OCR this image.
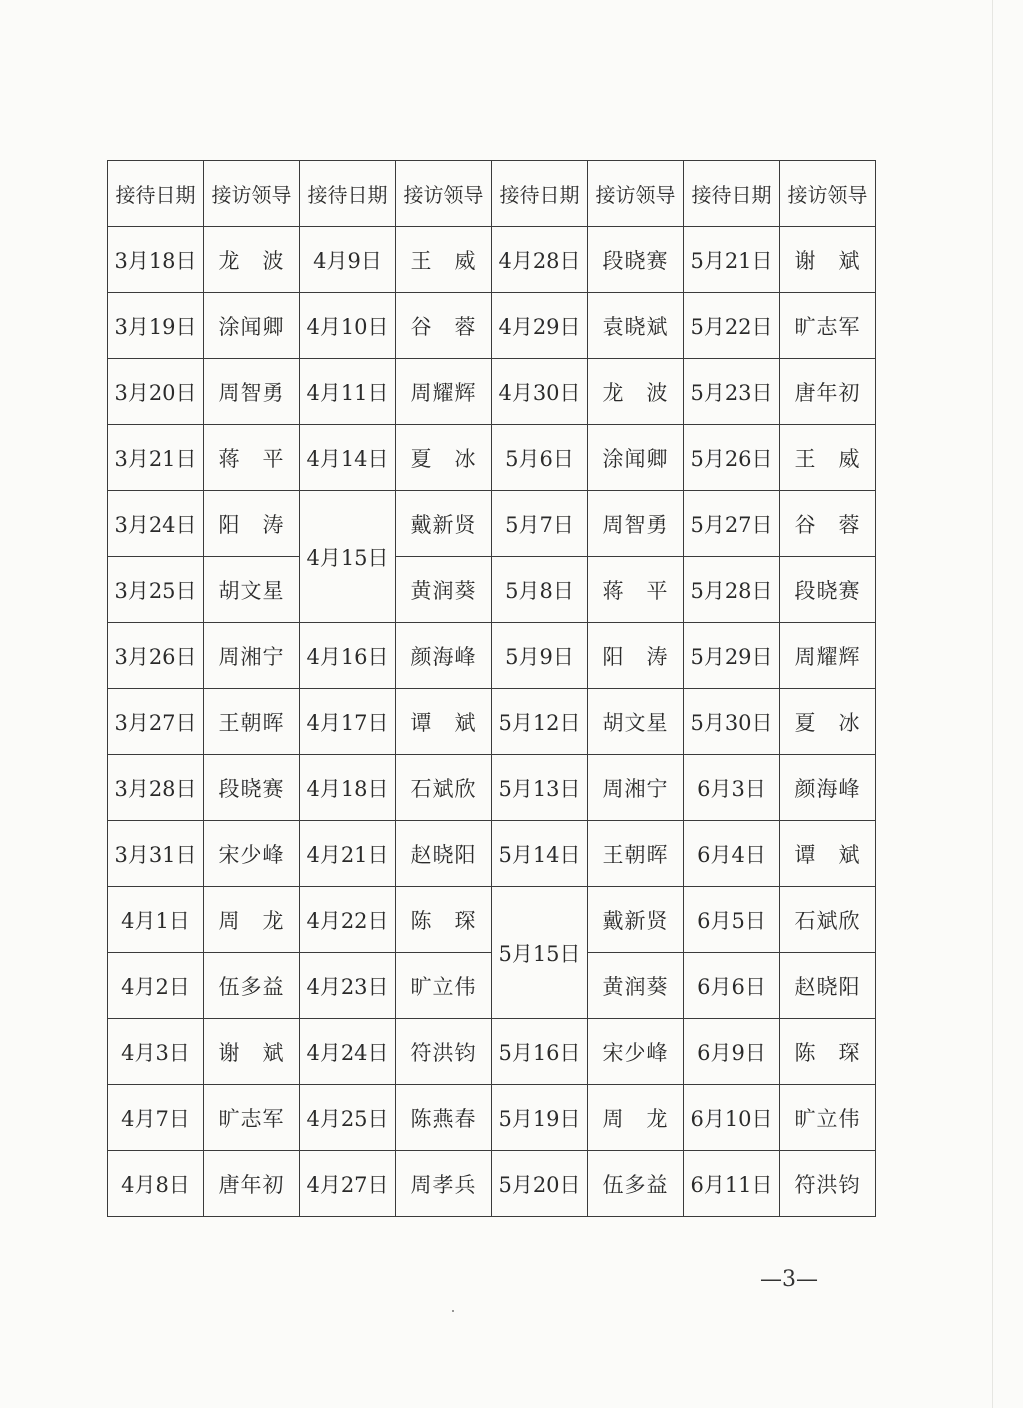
接待日期	接访领导	接待日期	接访领导	接待日期	接访领导	接待日期	接访领导
3月18日	龙　波	4月9日	王　威	4月28日	段晓赛	5月21日	谢　斌
3月19日	涂闻卿	4月10日	谷　蓉	4月29日	袁晓斌	5月22日	旷志军
3月20日	周智勇	4月11日	周耀辉	4月30日	龙　波	5月23日	唐年初
3月21日	蒋　平	4月14日	夏　冰	5月6日	涂闻卿	5月26日	王　威
3月24日	阳　涛	4月15日	戴新贤	5月7日	周智勇	5月27日	谷　蓉
3月25日	胡文星		黄润葵	5月8日	蒋　平	5月28日	段晓赛
3月26日	周湘宁	4月16日	颜海峰	5月9日	阳　涛	5月29日	周耀辉
3月27日	王朝晖	4月17日	谭　斌	5月12日	胡文星	5月30日	夏　冰
3月28日	段晓赛	4月18日	石斌欣	5月13日	周湘宁	6月3日	颜海峰
3月31日	宋少峰	4月21日	赵晓阳	5月14日	王朝晖	6月4日	谭　斌
4月1日	周　龙	4月22日	陈　琛	5月15日	戴新贤	6月5日	石斌欣
4月2日	伍多益	4月23日	旷立伟		黄润葵	6月6日	赵晓阳
4月3日	谢　斌	4月24日	符洪钧	5月16日	宋少峰	6月9日	陈　琛
4月7日	旷志军	4月25日	陈燕春	5月19日	周　龙	6月10日	旷立伟
4月8日	唐年初	4月27日	周孝兵	5月20日	伍多益	6月11日	符洪钧
—3—
